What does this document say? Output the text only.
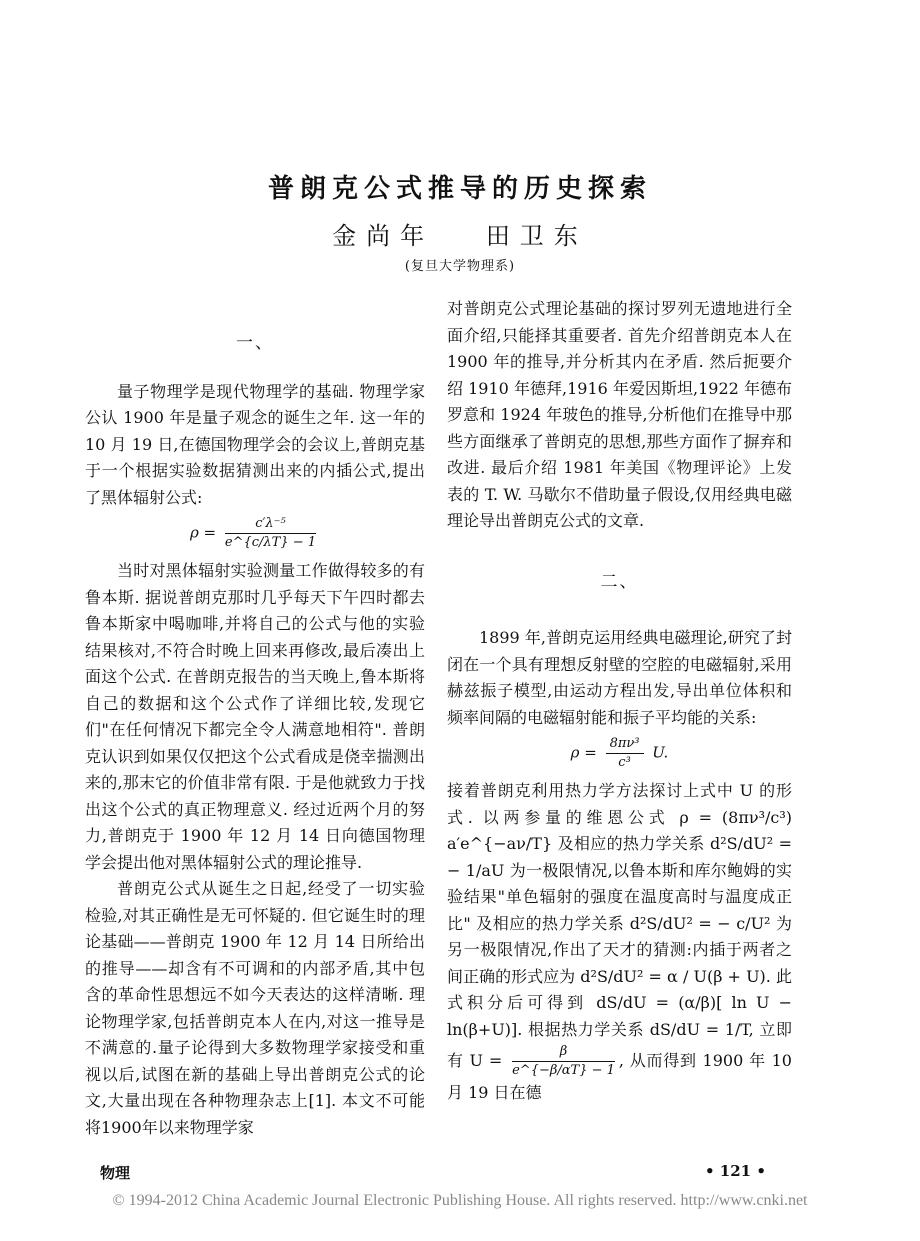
普朗克公式推导的历史探索
金尚年 田卫东
(复旦大学物理系)
一、

量子物理学是现代物理学的基础. 物理学家公认 1900 年是量子观念的诞生之年. 这一年的 10 月 19 日,在德国物理学会的会议上,普朗克基于一个根据实验数据猜测出来的内插公式,提出了黑体辐射公式:

$\rho = \frac{\text{c′λ⁻⁵}}{e\^{}\{c/\lambda T\} - 1}$

当时对黑体辐射实验测量工作做得较多的有鲁本斯. 据说普朗克那时几乎每天下午四时都去鲁本斯家中喝咖啡,并将自己的公式与他的实验结果核对,不符合时晚上回来再修改,最后凑出上面这个公式. 在普朗克报告的当天晚上,鲁本斯将自己的数据和这个公式作了详细比较,发现它们"在任何情况下都完全令人满意地相符". 普朗克认识到如果仅仅把这个公式看成是侥幸揣测出来的,那末它的价值非常有限. 于是他就致力于找出这个公式的真正物理意义. 经过近两个月的努力,普朗克于 1900 年 12 月 14 日向德国物理学会提出他对黑体辐射公式的理论推导.

普朗克公式从诞生之日起,经受了一切实验检验,对其正确性是无可怀疑的. 但它诞生时的理论基础——普朗克 1900 年 12 月 14 日所给出的推导——却含有不可调和的内部矛盾,其中包含的革命性思想远不如今天表达的这样清晰. 理论物理学家,包括普朗克本人在内,对这一推导是不满意的.量子论得到大多数物理学家接受和重视以后,试图在新的基础上导出普朗克公式的论文,大量出现在各种物理杂志上[1]. 本文不可能将1900年以来物理学家

对普朗克公式理论基础的探讨罗列无遗地进行全面介绍,只能择其重要者. 首先介绍普朗克本人在 1900 年的推导,并分析其内在矛盾. 然后扼要介绍 1910 年德拜,1916 年爱因斯坦,1922 年德布罗意和 1924 年玻色的推导,分析他们在推导中那些方面继承了普朗克的思想,那些方面作了摒弃和改进. 最后介绍 1981 年美国《物理评论》上发表的 T. W. 马歇尔不借助量子假设,仅用经典电磁理论导出普朗克公式的文章.

二、

1899 年,普朗克运用经典电磁理论,研究了封闭在一个具有理想反射壁的空腔的电磁辐射,采用赫兹振子模型,由运动方程出发,导出单位体积和频率间隔的电磁辐射能和振子平均能的关系:

$\rho = \frac{\text{8πν³}}{\text{c³}} U$.

接着普朗克利用热力学方法探讨上式中 U 的形式. 以两参量的维恩公式 ρ = (8πν³/c³) a′e^{−aν/T} 及相应的热力学关系 d²S/dU² = − 1/aU 为一极限情况,以鲁本斯和库尔鲍姆的实验结果"单色辐射的强度在温度高时与温度成正比" 及相应的热力学关系 d²S/dU² = − c/U² 为另一极限情况,作出了天才的猜测:内插于两者之间正确的形式应为 d²S/dU² = α / U(β + U). 此式积分后可得到 dS/dU = (α/β)[ ln U − ln(β+U)]. 根据热力学关系 dS/dU = 1/T, 立即有 $U = \frac{\beta}{e\^{}\{-\beta/\alpha T\} - 1}$ , 从而得到 1900 年 10 月 19 日在德

物理	• 121 •
© 1994-2012 China Academic Journal Electronic Publishing House. All rights reserved. http://www.cnki.net
